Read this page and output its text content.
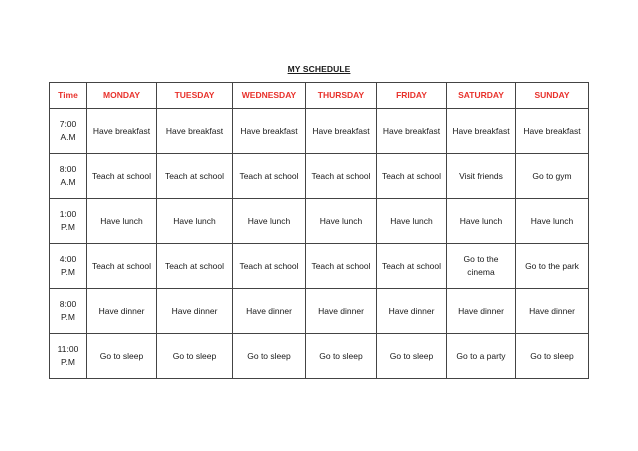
MY SCHEDULE
Time	MONDAY	TUESDAY	WEDNESDAY	THURSDAY	FRIDAY	SATURDAY	SUNDAY
7:00 A.M	Have breakfast	Have breakfast	Have breakfast	Have breakfast	Have breakfast	Have breakfast	Have breakfast
8:00 A.M	Teach at school	Teach at school	Teach at school	Teach at school	Teach at school	Visit friends	Go to gym
1:00 P.M	Have lunch	Have lunch	Have lunch	Have lunch	Have lunch	Have lunch	Have lunch
4:00 P.M	Teach at school	Teach at school	Teach at school	Teach at school	Teach at school	Go to the cinema	Go to the park
8:00 P.M	Have dinner	Have dinner	Have dinner	Have dinner	Have dinner	Have dinner	Have dinner
11:00 P.M	Go to sleep	Go to sleep	Go to sleep	Go to sleep	Go to sleep	Go to a party	Go to sleep
